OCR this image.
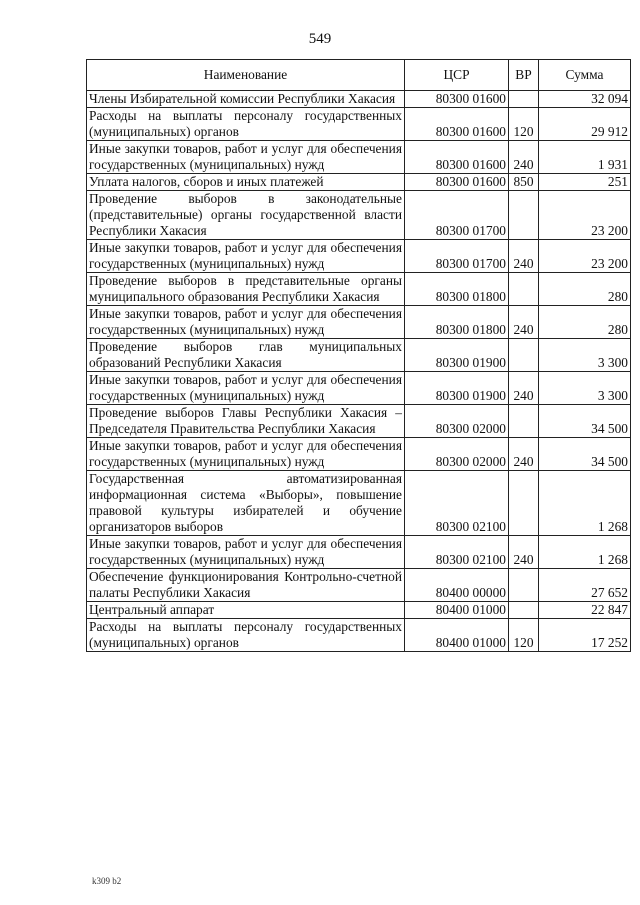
549
Наименование	ЦСР	ВР	Сумма
Члены Избирательной комиссии Республики Хакасия	80300 01600		32 094
Расходы на выплаты персоналу государственных (муниципальных) органов	80300 01600	120	29 912
Иные закупки товаров, работ и услуг для обеспечения государственных (муниципальных) нужд	80300 01600	240	1 931
Уплата налогов, сборов и иных платежей	80300 01600	850	251
Проведение выборов в законодательные (представительные) органы государственной власти Республики Хакасия	80300 01700		23 200
Иные закупки товаров, работ и услуг для обеспечения государственных (муниципальных) нужд	80300 01700	240	23 200
Проведение выборов в представительные органы муниципального образования Республики Хакасия	80300 01800		280
Иные закупки товаров, работ и услуг для обеспечения государственных (муниципальных) нужд	80300 01800	240	280
Проведение выборов глав муниципальных образований Республики Хакасия	80300 01900		3 300
Иные закупки товаров, работ и услуг для обеспечения государственных (муниципальных) нужд	80300 01900	240	3 300
Проведение выборов Главы Республики Хакасия – Председателя Правительства Республики Хакасия	80300 02000		34 500
Иные закупки товаров, работ и услуг для обеспечения государственных (муниципальных) нужд	80300 02000	240	34 500
Государственная автоматизированная информационная система «Выборы», повышение правовой культуры избирателей и обучение организаторов выборов	80300 02100		1 268
Иные закупки товаров, работ и услуг для обеспечения государственных (муниципальных) нужд	80300 02100	240	1 268
Обеспечение функционирования Контрольно-счетной палаты Республики Хакасия	80400 00000		27 652
Центральный аппарат	80400 01000		22 847
Расходы на выплаты персоналу государственных (муниципальных) органов	80400 01000	120	17 252
k309 b2
